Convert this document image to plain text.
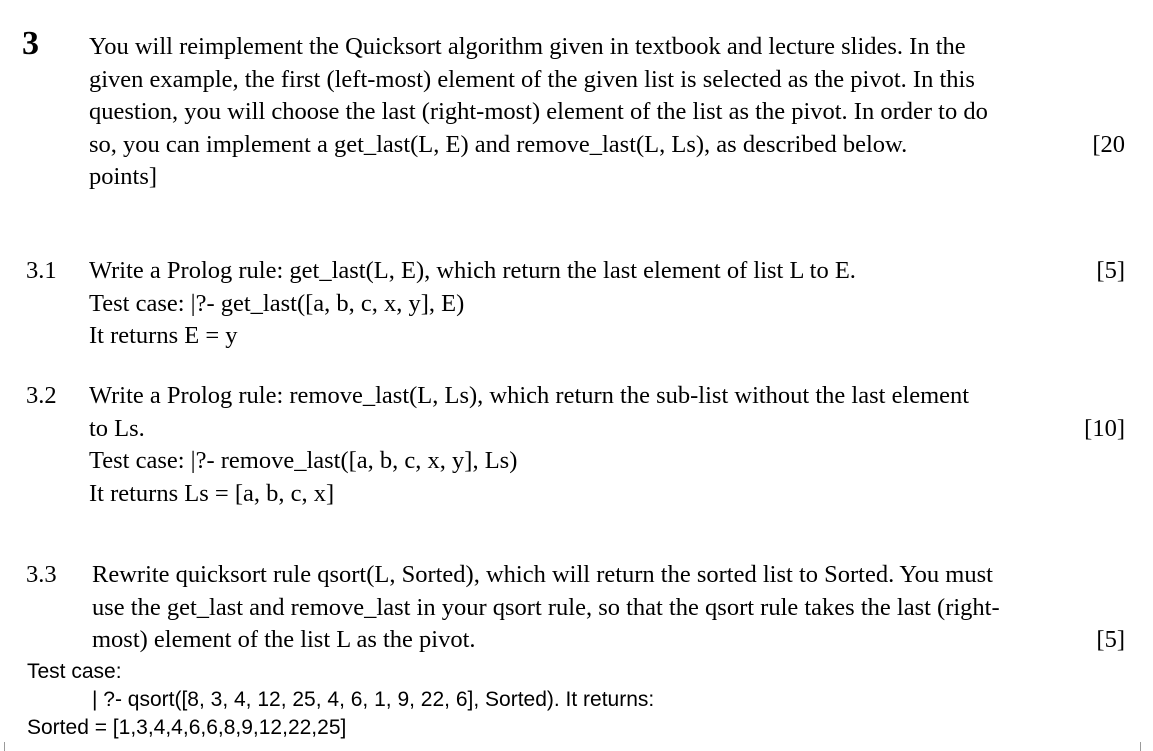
3 You will reimplement the Quicksort algorithm given in textbook and lecture slides. In the
given example, the first (left-most) element of the given list is selected as the pivot. In this
question, you will choose the last (right-most) element of the list as the pivot. In order to do
so, you can implement a get_last(L, E) and remove_last(L, Ls), as described below.	[20
points]
3.1 Write a Prolog rule: get_last(L, E), which return the last element of list L to E.	[5]
Test case: |?- get_last([a, b, c, x, y], E)
It returns E = y
3.2 Write a Prolog rule: remove_last(L, Ls), which return the sub-list without the last element
to Ls.	[10]
Test case: |?- remove_last([a, b, c, x, y], Ls)
It returns Ls = [a, b, c, x]
3.3 Rewrite quicksort rule qsort(L, Sorted), which will return the sorted list to Sorted. You must
use the get_last and remove_last in your qsort rule, so that the qsort rule takes the last (right-
most) element of the list L as the pivot.	[5]
Test case:
| ?- qsort([8, 3, 4, 12, 25, 4, 6, 1, 9, 22, 6], Sorted). It returns:
Sorted = [1,3,4,4,6,6,8,9,12,22,25]
